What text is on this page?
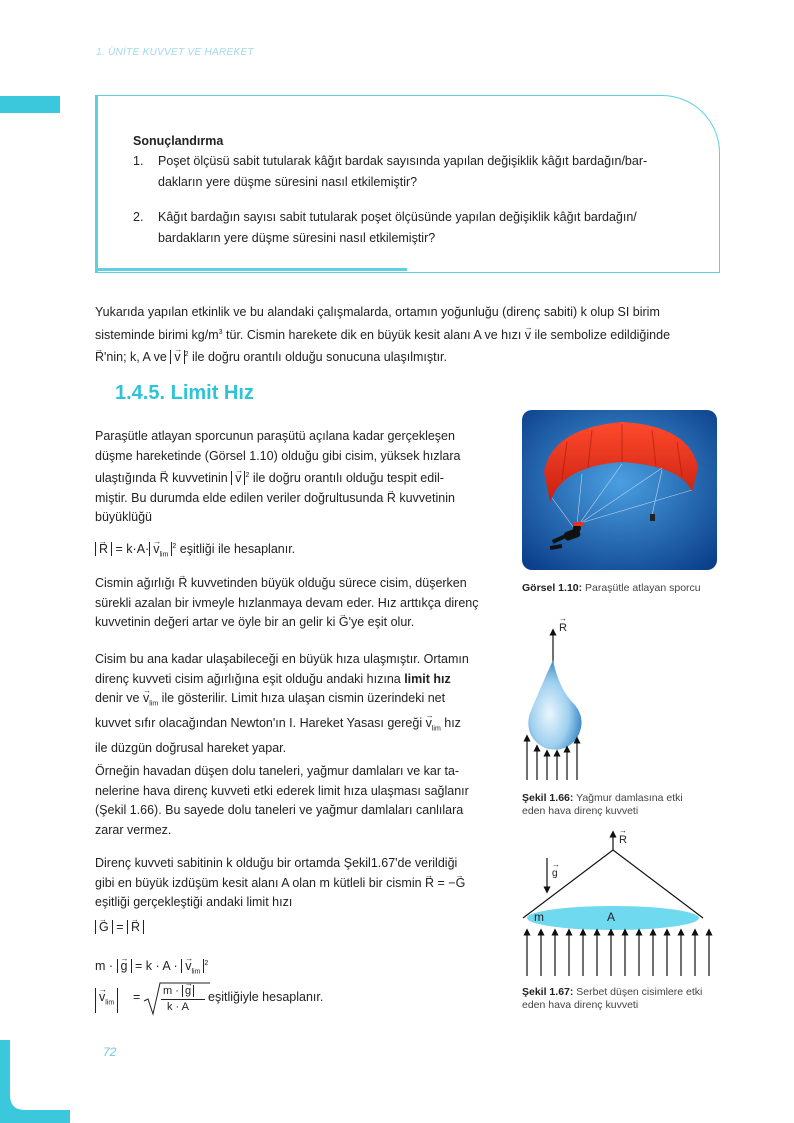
1. ÜNİTE KUVVET VE HAREKET
Sonuçlandırma
1. Poşet ölçüsü sabit tutularak kâğıt bardak sayısında yapılan değişiklik kâğıt bardağın/bar-
dakların yere düşme süresini nasıl etkilemiştir?
2. Kâğıt bardağın sayısı sabit tutularak poşet ölçüsünde yapılan değişiklik kâğıt bardağın/
bardakların yere düşme süresini nasıl etkilemiştir?
Yukarıda yapılan etkinlik ve bu alandaki çalışmalarda, ortamın yoğunluğu (direnç sabiti) k olup SI birim
sisteminde birimi $kg/m^3$ tür. Cismin harekete dik en büyük kesit alanı A ve hızı → v ile sembolize edildiğinde
→ R'nin; k, A ve → v $^2$ ile doğru orantılı olduğu sonucuna ulaşılmıştır.
1.4.5. Limit Hız
Paraşütle atlayan sporcunun paraşütü açılana kadar gerçekleşen
düşme hareketinde (Görsel 1.10) olduğu gibi cisim, yüksek hızlara
ulaştığında → R kuvvetinin → v $^2$ ile doğru orantılı olduğu tespit edil-
miştir. Bu durumda elde edilen veriler doğrultusunda → R kuvvetinin
büyüklüğü
→ $R = k\cdot A\cdot \to v_{lim}^2$ eşitliği ile hesaplanır.
Cismin ağırlığı → R kuvvetinden büyük olduğu sürece cisim, düşerken
sürekli azalan bir ivmeyle hızlanmaya devam eder. Hız arttıkça direnç
kuvvetinin değeri artar ve öyle bir an gelir ki → G'ye eşit olur.
Cisim bu ana kadar ulaşabileceği en büyük hıza ulaşmıştır. Ortamın
direnç kuvveti cisim ağırlığına eşit olduğu andaki hızına limit hız
denir ve → $v_{lim}$ ile gösterilir. Limit hıza ulaşan cismin üzerindeki net
kuvvet sıfır olacağından Newton'ın I. Hareket Yasası gereği → $v_{lim}$ hız
ile düzgün doğrusal hareket yapar.
Örneğin havadan düşen dolu taneleri, yağmur damlaları ve kar ta-
nelerine hava direnç kuvveti etki ederek limit hıza ulaşması sağlanır
(Şekil 1.66). Bu sayede dolu taneleri ve yağmur damlaları canlılara
zarar vermez.
Direnç kuvveti sabitinin k olduğu bir ortamda Şekil1.67'de verildiği
gibi en büyük izdüşüm kesit alanı A olan m kütleli bir cismin → R = −→ G
eşitliği gerçekleştiği andaki limit hızı
→ G = → R
m · → g = k · A · → $v_{lim}^2$
→ $v_{lim}$	= m · → g
k · A
eşitliğiyle hesaplanır.
Görsel 1.10: Paraşütle atlayan sporcu
→ R
Şekil 1.66: Yağmur damlasına etki
eden hava direnç kuvveti
→ R
→ g
m	A
Şekil 1.67: Serbet düşen cisimlere etki
eden hava direnç kuvveti
72
